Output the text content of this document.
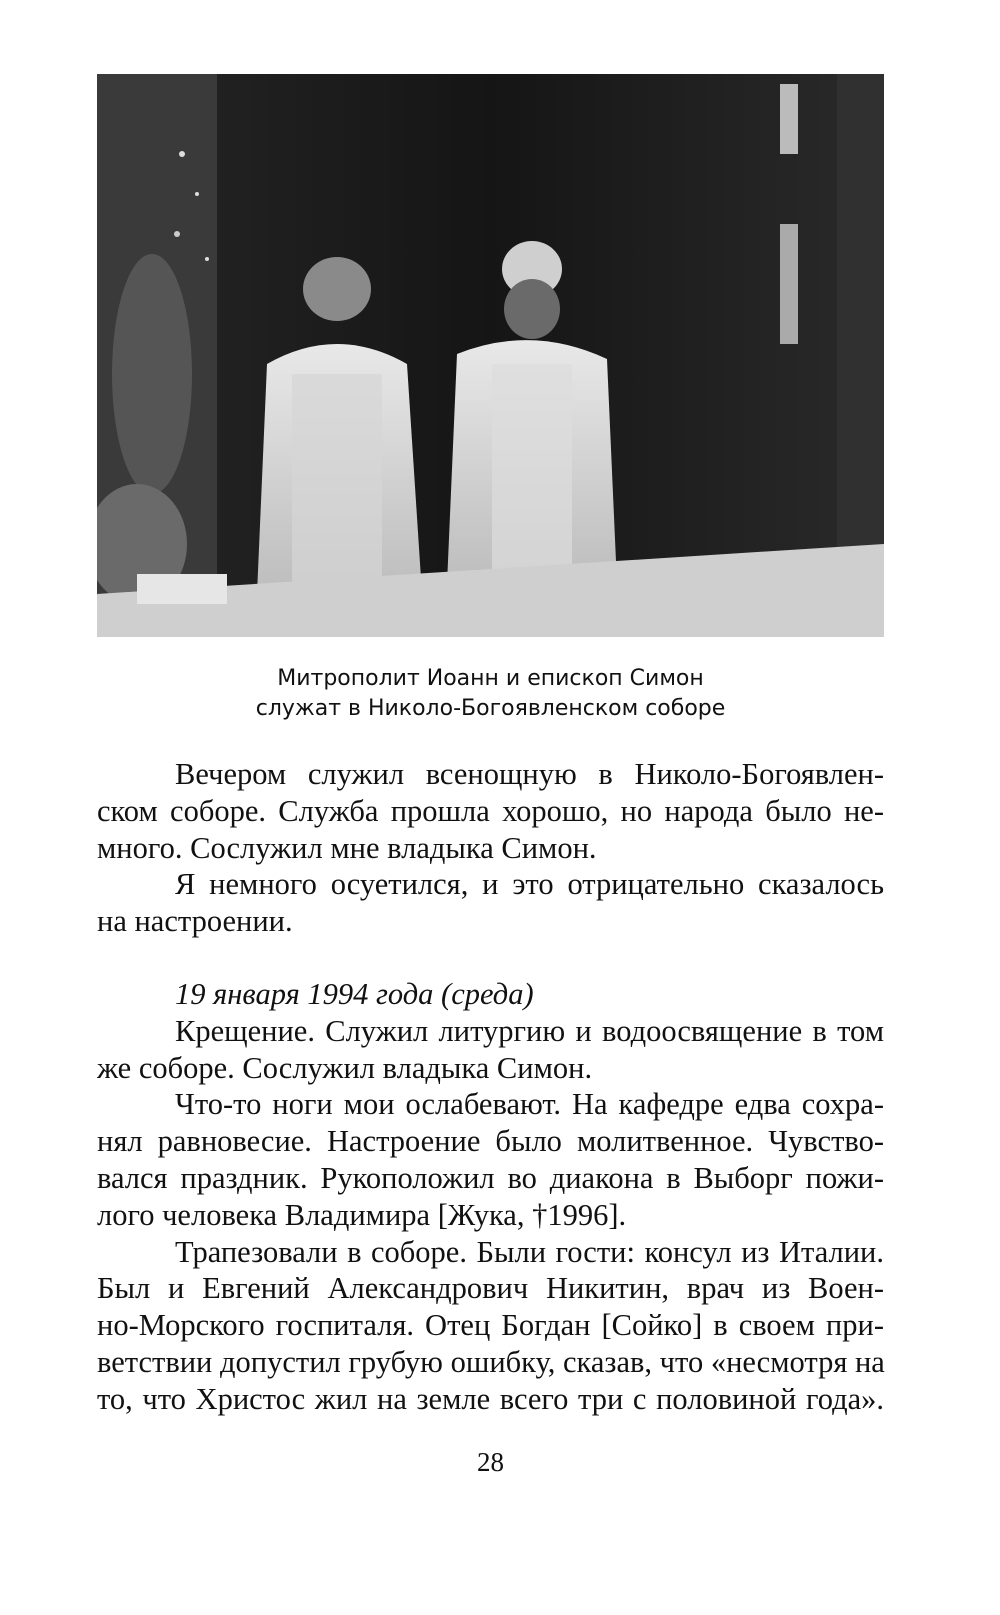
Митрополит Иоанн и епископ Симон
служат в Николо-Богоявленском соборе
Вечером служил всенощную в Николо-Богоявлен-
ском соборе. Служба прошла хорошо, но народа было не-
много. Сослужил мне владыка Симон.
Я немного осуетился, и это отрицательно сказалось
на настроении.
19 января 1994 года (среда)
Крещение. Служил литургию и водоосвящение в том
же соборе. Сослужил владыка Симон.
Что-то ноги мои ослабевают. На кафедре едва сохра-
нял равновесие. Настроение было молитвенное. Чувство-
вался праздник. Рукоположил во диакона в Выборг пожи-
лого человека Владимира [Жука, †1996].
Трапезовали в соборе. Были гости: консул из Италии.
Был и Евгений Александрович Никитин, врач из Воен-
но-Морского госпиталя. Отец Богдан [Сойко] в своем при-
ветствии допустил грубую ошибку, сказав, что «несмотря на
то, что Христос жил на земле всего три с половиной года».
28
